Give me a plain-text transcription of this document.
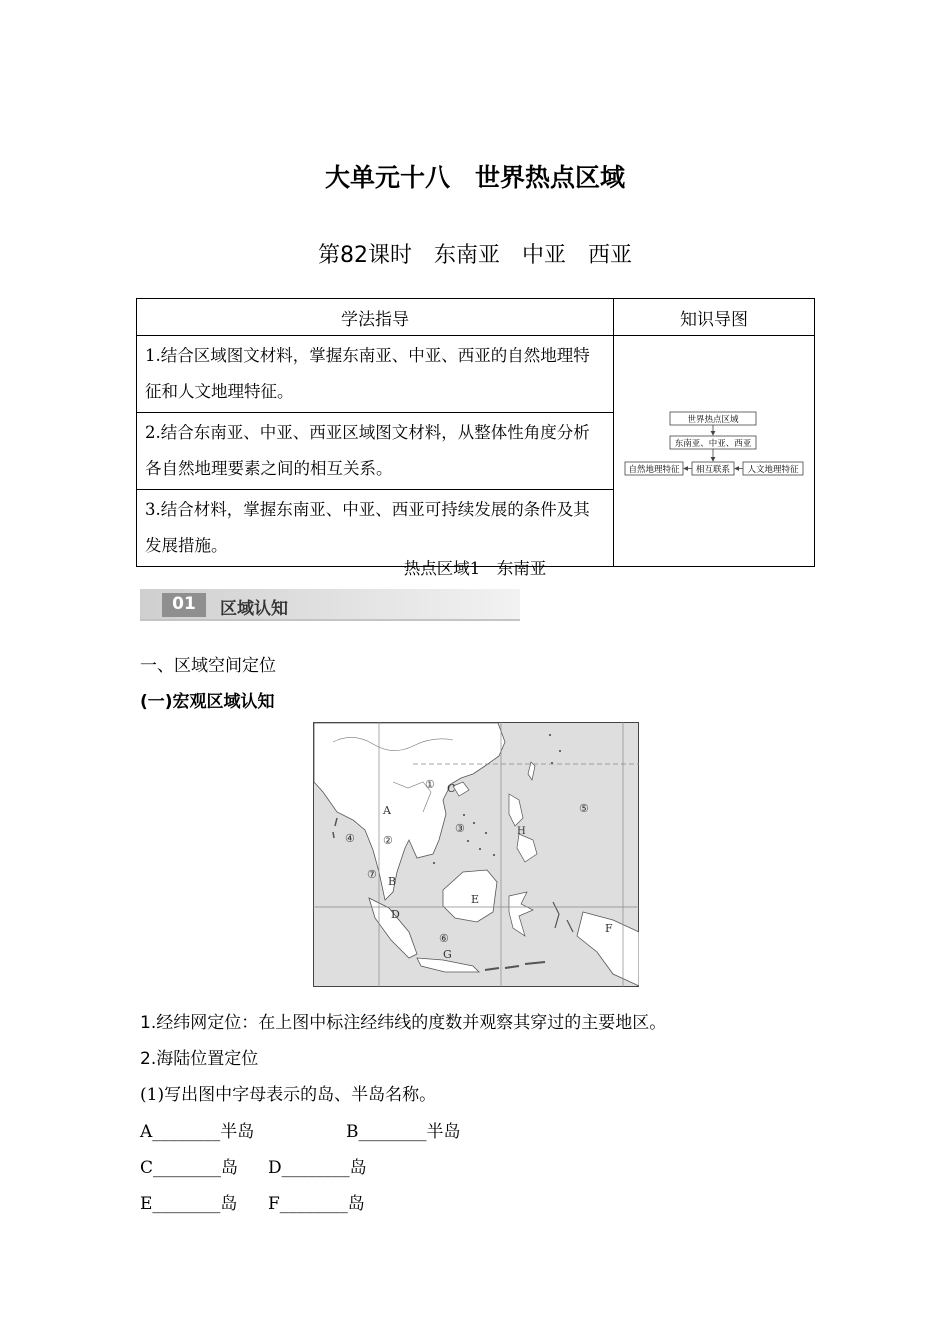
大单元十八　世界热点区域
第82课时　东南亚　中亚　西亚
学法指导	知识导图
1.结合区域图文材料，掌握东南亚、中亚、西亚的自然地理特征和人文地理特征。	世界热点区域
东南亚、中亚、西亚
自然地理特征 相互联系 人文地理特征

2.结合东南亚、中亚、西亚区域图文材料，从整体性角度分析各自然地理要素之间的相互关系。	
3.结合材料，掌握东南亚、中亚、西亚可持续发展的条件及其发展措施。	
热点区域1　东南亚
01	区域认知
一、区域空间定位
(一)宏观区域认知
A
B
C
D
E
F
G
①
②
③
④
⑤
⑥
⑦
H
1.经纬网定位：在上图中标注经纬线的度数并观察其穿过的主要地区。
2.海陆位置定位
(1)写出图中字母表示的岛、半岛名称。
A________半岛	B________半岛
C________岛 D________岛
E________岛 F________岛
